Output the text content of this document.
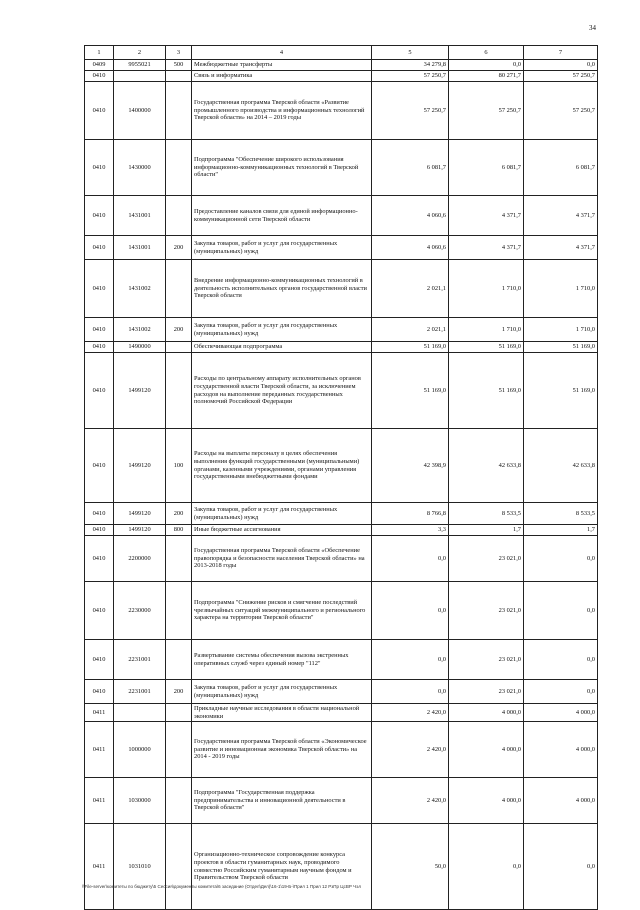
34
1	2	3	4	5	6	7
0409	9955021	500	Межбюджетные трансферты	34 279,8	0,0	0,0
0410			Связь и информатика	57 250,7	80 271,7	57 250,7
0410	1400000		Государственная программа Тверской области «Развитие промышленного производства и информационных технологий Тверской области» на 2014 – 2019 годы	57 250,7	57 250,7	57 250,7
0410	1430000		Подпрограмма "Обеспечение широкого использования информационно-коммуникационных технологий в Тверской области"	6 081,7	6 081,7	6 081,7
0410	1431001		Предоставление каналов связи для единой информационно-коммуникационной сети Тверской области	4 060,6	4 371,7	4 371,7
0410	1431001	200	Закупка товаров, работ и услуг для государственных (муниципальных) нужд	4 060,6	4 371,7	4 371,7
0410	1431002		Внедрение информационно-коммуникационных технологий в деятельность исполнительных органов государственной власти Тверской области	2 021,1	1 710,0	1 710,0
0410	1431002	200	Закупка товаров, работ и услуг для государственных (муниципальных) нужд	2 021,1	1 710,0	1 710,0
0410	1490000		Обеспечивающая подпрограмма	51 169,0	51 169,0	51 169,0
0410	1499120		Расходы по центральному аппарату исполнительных органов государственной власти Тверской области, за исключением расходов на выполнение переданных государственных полномочий Российской Федерации	51 169,0	51 169,0	51 169,0
0410	1499120	100	Расходы на выплаты персоналу в целях обеспечения выполнения функций государственными (муниципальными) органами, казенными учреждениями, органами управления государственными внебюджетными фондами	42 398,9	42 633,8	42 633,8
0410	1499120	200	Закупка товаров, работ и услуг для государственных (муниципальных) нужд	8 766,8	8 533,5	8 533,5
0410	1499120	800	Иные бюджетные ассигнования	3,3	1,7	1,7
0410	2200000		Государственная программа Тверской области «Обеспечение правопорядка и безопасности населения Тверской области» на 2013-2018 годы	0,0	23 021,0	0,0
0410	2230000		Подпрограмма "Снижение рисков и смягчение последствий чрезвычайных ситуаций межмуниципального и регионального характера на территории Тверской области"	0,0	23 021,0	0,0
0410	2231001		Развертывание системы обеспечения вызова экстренных оперативных служб через единый номер "112"	0,0	23 021,0	0,0
0410	2231001	200	Закупка товаров, работ и услуг для государственных (муниципальных) нужд	0,0	23 021,0	0,0
0411			Прикладные научные исследования в области национальной экономики	2 420,0	4 000,0	4 000,0
0411	1000000		Государственная программа Тверской области «Экономическое развитие и инновационная экономика Тверской области» на 2014 - 2019 годы	2 420,0	4 000,0	4 000,0
0411	1030000		Подпрограмма "Государственная поддержка предпринимательства и инновационной деятельности в Тверской области"	2 420,0	4 000,0	4 000,0
0411	1031010		Организационно-техническое сопровождение конкурса проектов в области гуманитарных наук, проводимого совместно Российским гуманитарным научным фондом и Правительством Тверской области	50,0	0,0	0,0
\\File-server\комитеты по бюджету\5 Сессия\документы комитета\6 заседание (Отдел\Дел)\16-1\19-Б-\Прил 1 Прил 12 РзПр ЦсВР Чэл
